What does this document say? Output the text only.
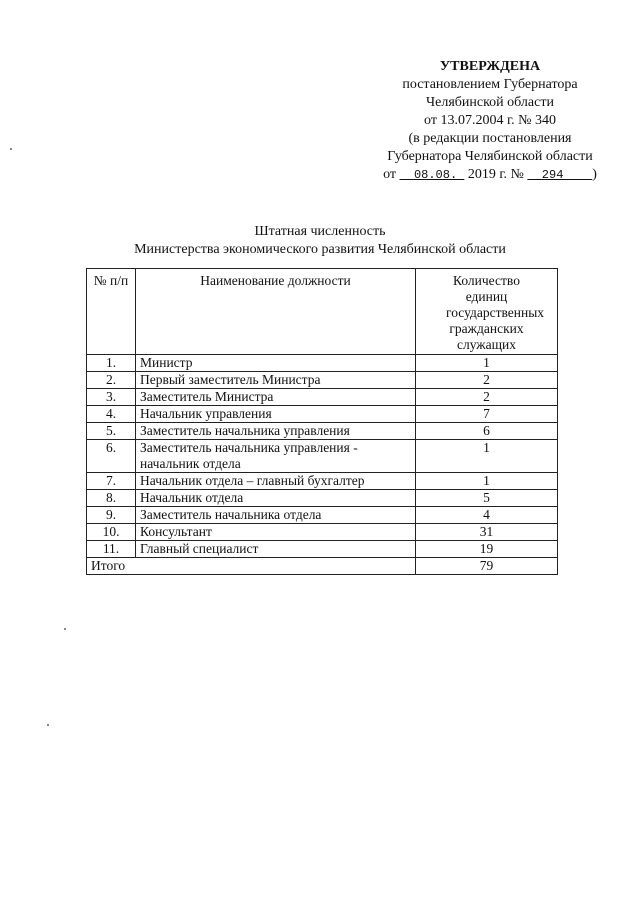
УТВЕРЖДЕНА
постановлением Губернатора
Челябинской области
от 13.07.2004 г. № 340
(в редакции постановления
Губернатора Челябинской области
от 08.08. 2019 г. № 294 )
Штатная численность
Министерства экономического развития Челябинской области
№ п/п	Наименование должности	Количество единиц государственных гражданских служащих
1.	Министр	1
2.	Первый заместитель Министра	2
3.	Заместитель Министра	2
4.	Начальник управления	7
5.	Заместитель начальника управления	6
6.	Заместитель начальника управления - начальник отдела	1
7.	Начальник отдела – главный бухгалтер	1
8.	Начальник отдела	5
9.	Заместитель начальника отдела	4
10.	Консультант	31
11.	Главный специалист	19
Итого		79
